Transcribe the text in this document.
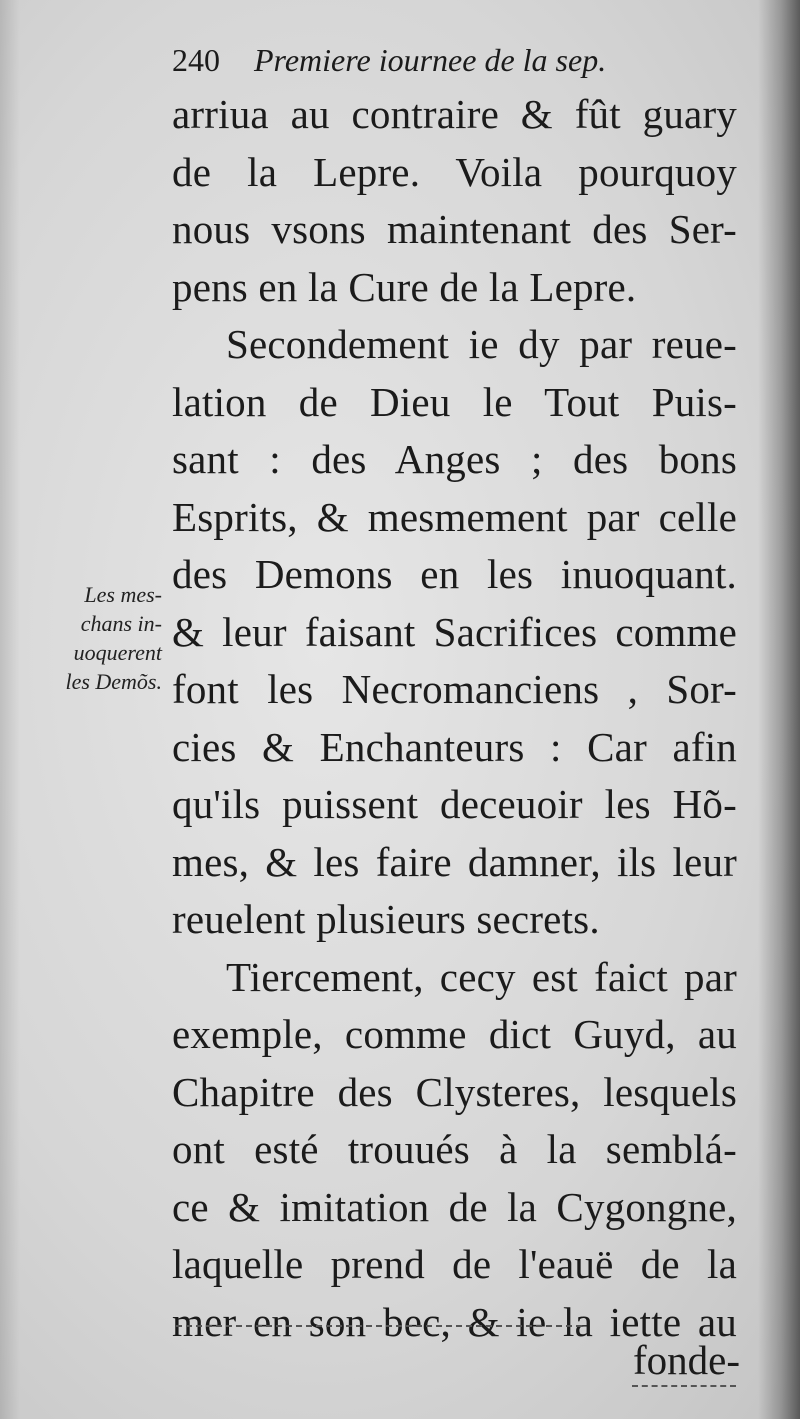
240 Premiere iournee de la sep.
Les mes-
chans in-
uoquerent
les Demõs.
arriua au contraire & fût guary
de la Lepre. Voila pourquoy
nous vsons maintenant des Ser-
pens en la Cure de la Lepre.
Secondement ie dy par reue-
lation de Dieu le Tout Puis-
sant : des Anges ; des bons
Esprits, & mesmement par celle
des Demons en les inuoquant.
& leur faisant Sacrifices comme
font les Necromanciens , Sor-
cies & Enchanteurs : Car afin
qu'ils puissent deceuoir les Hõ-
mes, & les faire damner, ils leur
reuelent plusieurs secrets.
Tiercement, cecy est faict par
exemple, comme dict Guyd, au
Chapitre des Clysteres, lesquels
ont esté trouués à la semblá-
ce & imitation de la Cygongne,
laquelle prend de l'eauë de la
mer en son bec, & ie la iette au
fonde-
